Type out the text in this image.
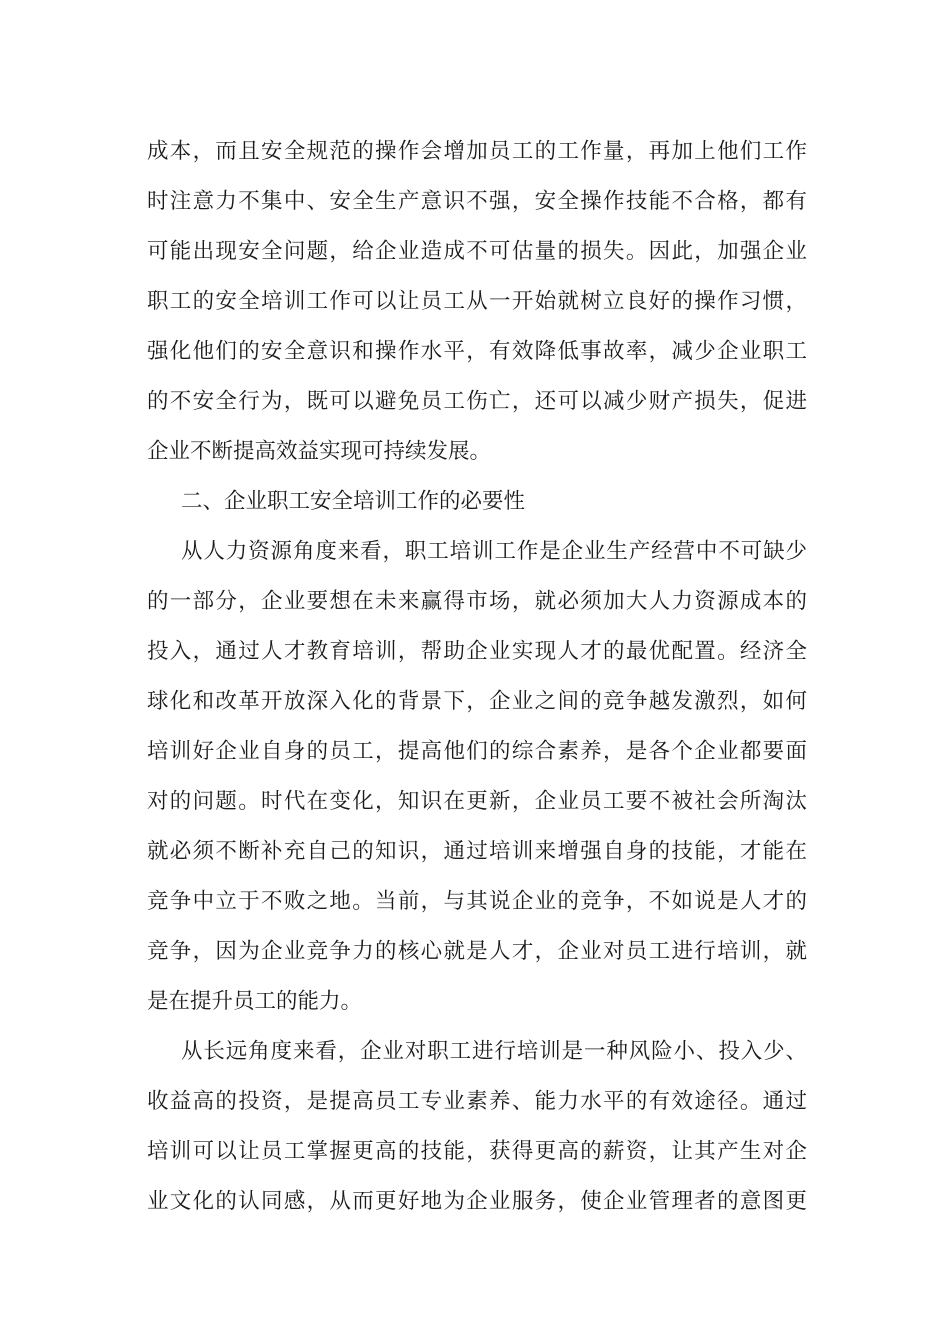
成本，而且安全规范的操作会增加员工的工作量，再加上他们工作
时注意力不集中、安全生产意识不强，安全操作技能不合格，都有
可能出现安全问题，给企业造成不可估量的损失。因此，加强企业
职工的安全培训工作可以让员工从一开始就树立良好的操作习惯，
强化他们的安全意识和操作水平，有效降低事故率，减少企业职工
的不安全行为，既可以避免员工伤亡，还可以减少财产损失，促进
企业不断提高效益实现可持续发展。
二、企业职工安全培训工作的必要性
从人力资源角度来看，职工培训工作是企业生产经营中不可缺少
的一部分，企业要想在未来赢得市场，就必须加大人力资源成本的
投入，通过人才教育培训，帮助企业实现人才的最优配置。经济全
球化和改革开放深入化的背景下，企业之间的竞争越发激烈，如何
培训好企业自身的员工，提高他们的综合素养，是各个企业都要面
对的问题。时代在变化，知识在更新，企业员工要不被社会所淘汰
就必须不断补充自己的知识，通过培训来增强自身的技能，才能在
竞争中立于不败之地。当前，与其说企业的竞争，不如说是人才的
竞争，因为企业竞争力的核心就是人才，企业对员工进行培训，就
是在提升员工的能力。
从长远角度来看，企业对职工进行培训是一种风险小、投入少、
收益高的投资，是提高员工专业素养、能力水平的有效途径。通过
培训可以让员工掌握更高的技能，获得更高的薪资，让其产生对企
业文化的认同感，从而更好地为企业服务，使企业管理者的意图更
